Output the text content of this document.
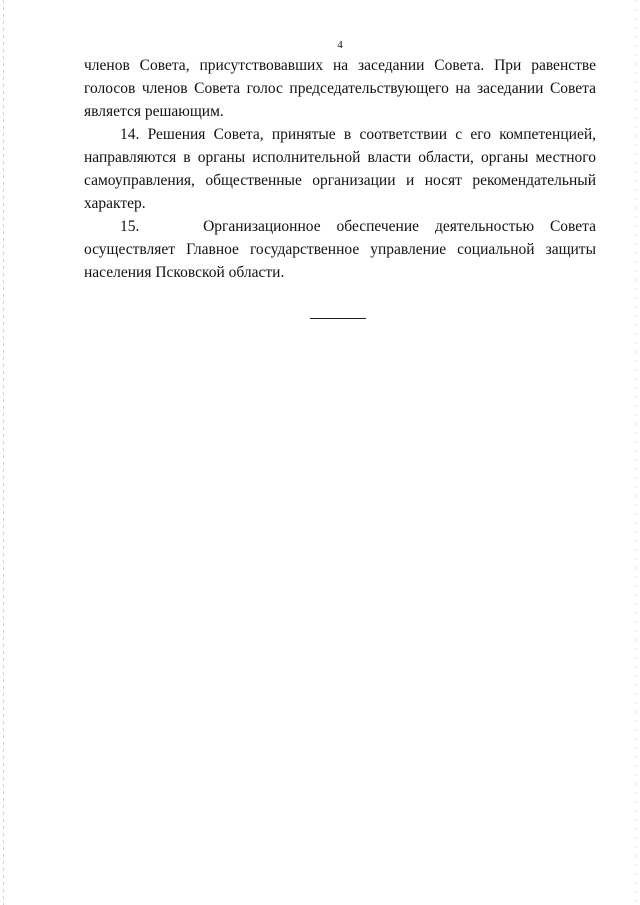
4

членов Совета, присутствовавших на заседании Совета. При равенстве голосов членов Совета голос председательствующего на заседании Совета является решающим.

14. Решения Совета, принятые в соответствии с его компетенцией, направляются в органы исполнительной власти области, органы местного самоуправления, общественные организации и носят рекомендательный характер.

15.    Организационное обеспечение деятельностью Совета

осуществляет Главное государственное управление социальной защиты населения Псковской области.
